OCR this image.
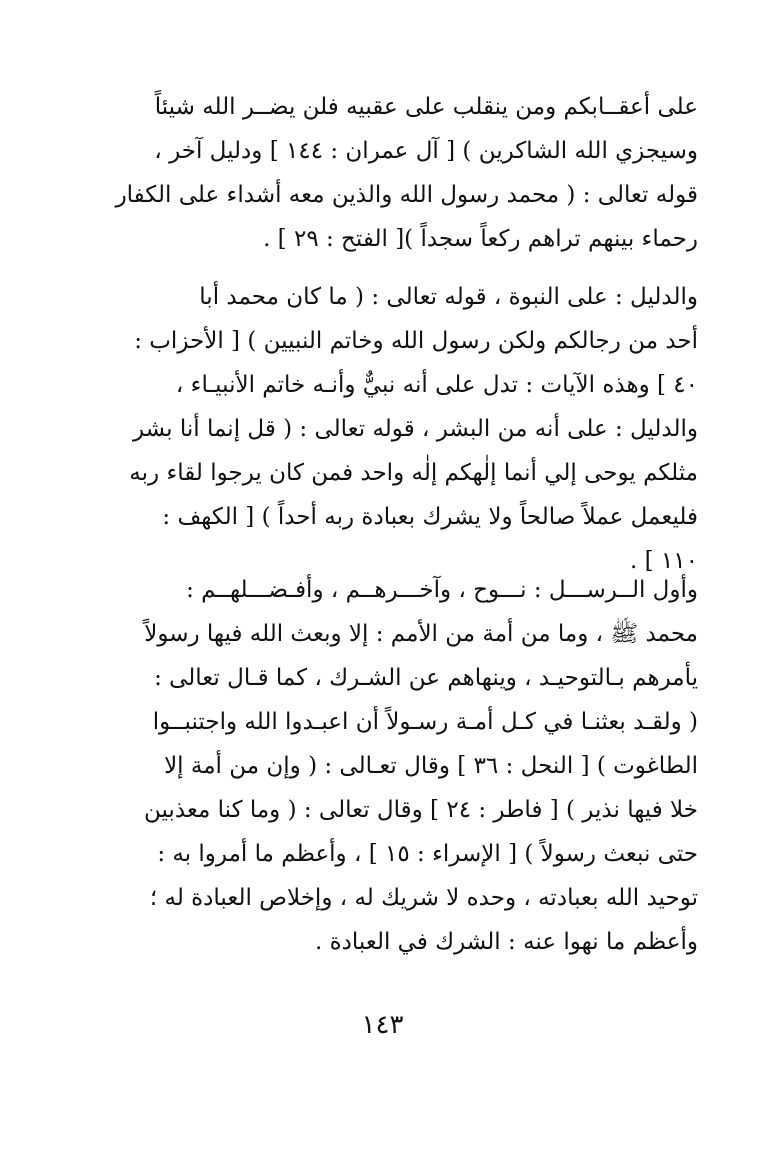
على أعقــابكم ومن ينقلب على عقبيه فلن يضــر الله شيئاً
وسيجزي الله الشاكرين ) [ آل عمران : ١٤٤ ] ودليل آخر ،
قوله تعالى : ( محمد رسول الله والذين معه أشداء على الكفار
رحماء بينهم تراهم ركعاً سجداً )[ الفتح : ٢٩ ] .
والدليل : على النبوة ، قوله تعالى : ( ما كان محمد أبا
أحد من رجالكم ولكن رسول الله وخاتم النبيين ) [ الأحزاب :
٤٠ ] وهذه الآيات : تدل على أنه نبيٌّ وأنـه خاتم الأنبيـاء ،
والدليل : على أنه من البشر ، قوله تعالى : ( قل إنما أنا بشر
مثلكم يوحى إلي أنما إلٰهكم إلٰه واحد فمن كان يرجوا لقاء ربه
فليعمل عملاً صالحاً ولا يشرك بعبادة ربه أحداً ) [ الكهف :
١١٠ ] .
وأول الــرســـل : نـــوح ، وآخـــرهــم ، وأفـضـــلهــم :
محمد ﷺ ، وما من أمة من الأمم : إلا وبعث الله فيها رسولاً
يأمرهم بـالتوحيـد ، وينهاهم عن الشـرك ، كما قـال تعالى :
( ولقـد بعثنـا في كـل أمـة رسـولاً أن اعبـدوا الله واجتنبــوا
الطاغوت ) [ النحل : ٣٦ ] وقال تعـالى : ( وإن من أمة إلا
خلا فيها نذير ) [ فاطر : ٢٤ ] وقال تعالى : ( وما كنا معذبين
حتى نبعث رسولاً ) [ الإسراء : ١٥ ] ، وأعظم ما أمروا به :
توحيد الله بعبادته ، وحده لا شريك له ، وإخلاص العبادة له ؛
وأعظم ما نهوا عنه : الشرك في العبادة .
١٤٣
